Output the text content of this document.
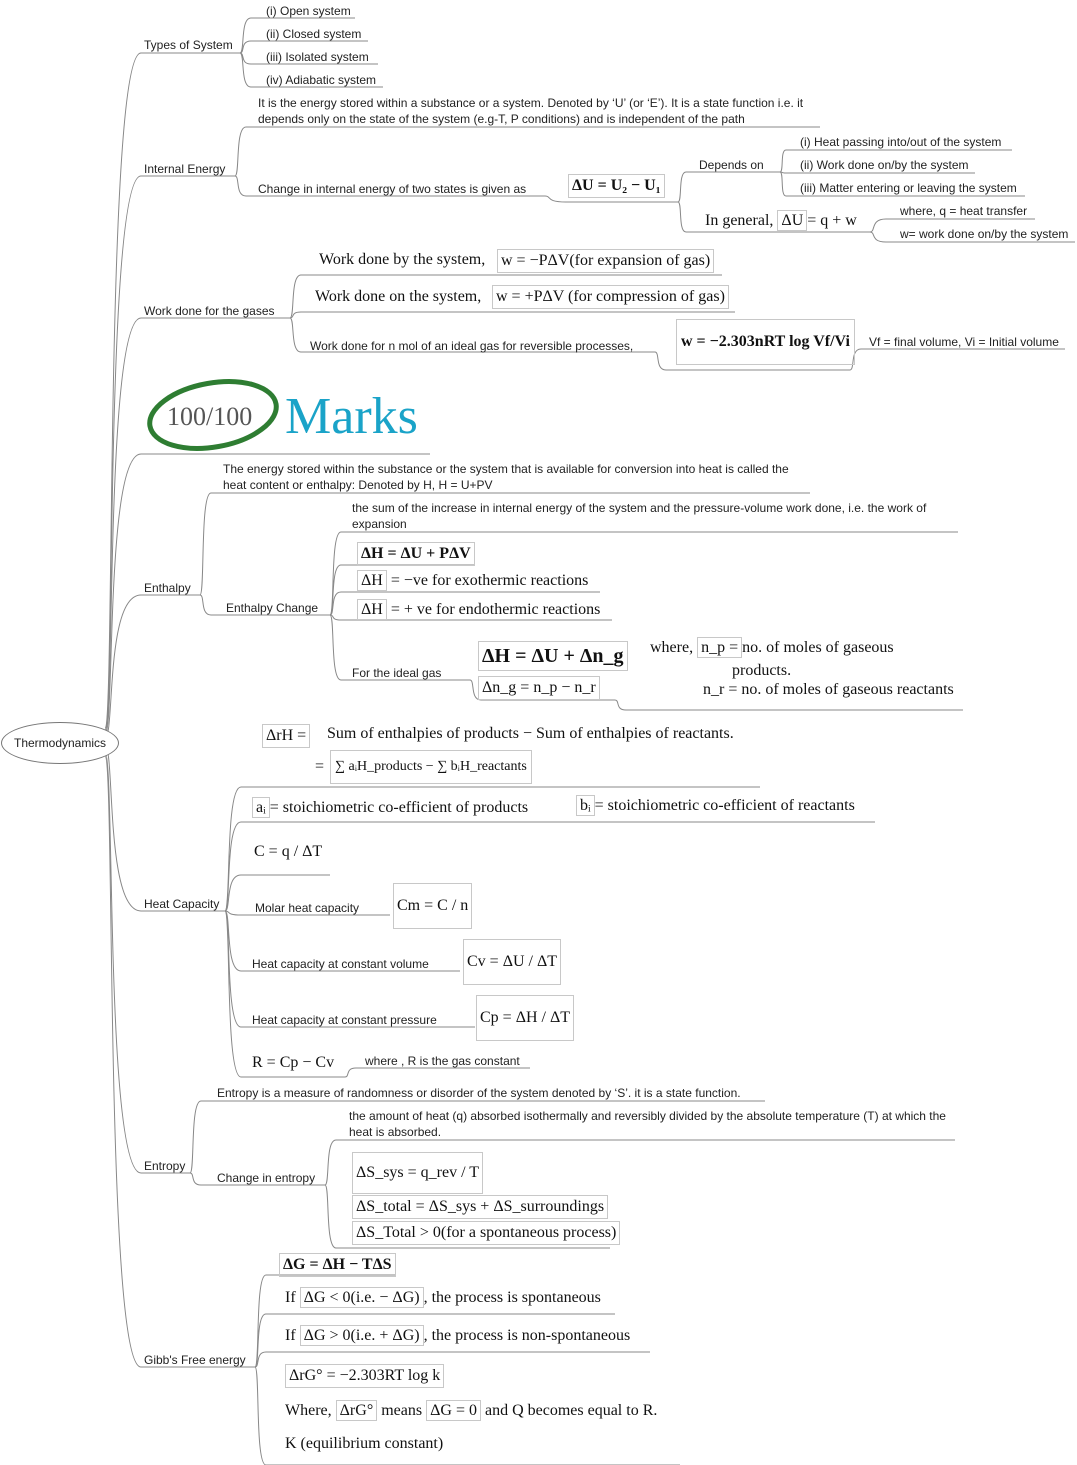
Thermodynamics
100/100 Marks
Types of System
(i) Open system
(ii) Closed system
(iii) Isolated system
(iv) Adiabatic system
Internal Energy
It is the energy stored within a substance or a system. Denoted by ‘U’ (or ‘E’). It is a state function i.e. it depends only on the state of the system (e.g-T, P conditions) and is independent of the path
Change in internal energy of two states is given as	ΔU = U₂ − U₁
Depends on
(i) Heat passing into/out of the system
(ii) Work done on/by the system
(iii) Matter entering or leaving the system
In general, ΔU = q + w
where, q = heat transfer
w= work done on/by the system
Work done for the gases
Work done by the system, w = −PΔV(for expansion of gas)
Work done on the system, w = +PΔV (for compression of gas)
Work done for n mol of an ideal gas for reversible processes,	w = −2.303nRT log Vf/Vi	Vf = final volume, Vi = Initial volume
Enthalpy
The energy stored within the substance or the system that is available for conversion into heat is called the heat content or enthalpy: Denoted by H, H = U+PV
Enthalpy Change
the sum of the increase in internal energy of the system and the pressure-volume work done, i.e. the work of expansion
ΔH = ΔU + PΔV
ΔH = −ve for exothermic reactions
ΔH = + ve for endothermic reactions
For the ideal gas
ΔH = ΔU + Δn_g
Δn_g = n_p − n_r
where, n_p = no. of moles of gaseous
products.
n_r = no. of moles of gaseous reactants
ΔrH = Sum of enthalpies of products − Sum of enthalpies of reactants.
= ∑ aᵢH_products − ∑ bᵢH_reactants
aᵢ = stoichiometric co-efficient of products	bᵢ = stoichiometric co-efficient of reactants
Heat Capacity
C = q / ΔT
Molar heat capacity Cm = C / n
Heat capacity at constant volume Cv = ΔU / ΔT
Heat capacity at constant pressure	Cp = ΔH / ΔT
R = Cp − Cv	where , R is the gas constant
Entropy
Entropy is a measure of randomness or disorder of the system denoted by ‘S’. it is a state function.
Change in entropy
the amount of heat (q) absorbed isothermally and reversibly divided by the absolute temperature (T) at which the heat is absorbed.
ΔS_sys = q_rev / T
ΔS_total = ΔS_sys + ΔS_surroundings
ΔS_Total > 0(for a spontaneous process)
Gibb's Free energy
ΔG = ΔH − TΔS
If ΔG < 0(i.e. − ΔG) , the process is spontaneous
If ΔG > 0(i.e. + ΔG) , the process is non-spontaneous
ΔrG° = −2.303RT log k
Where, ΔrG° means ΔG = 0 and Q becomes equal to R.
K (equilibrium constant)
